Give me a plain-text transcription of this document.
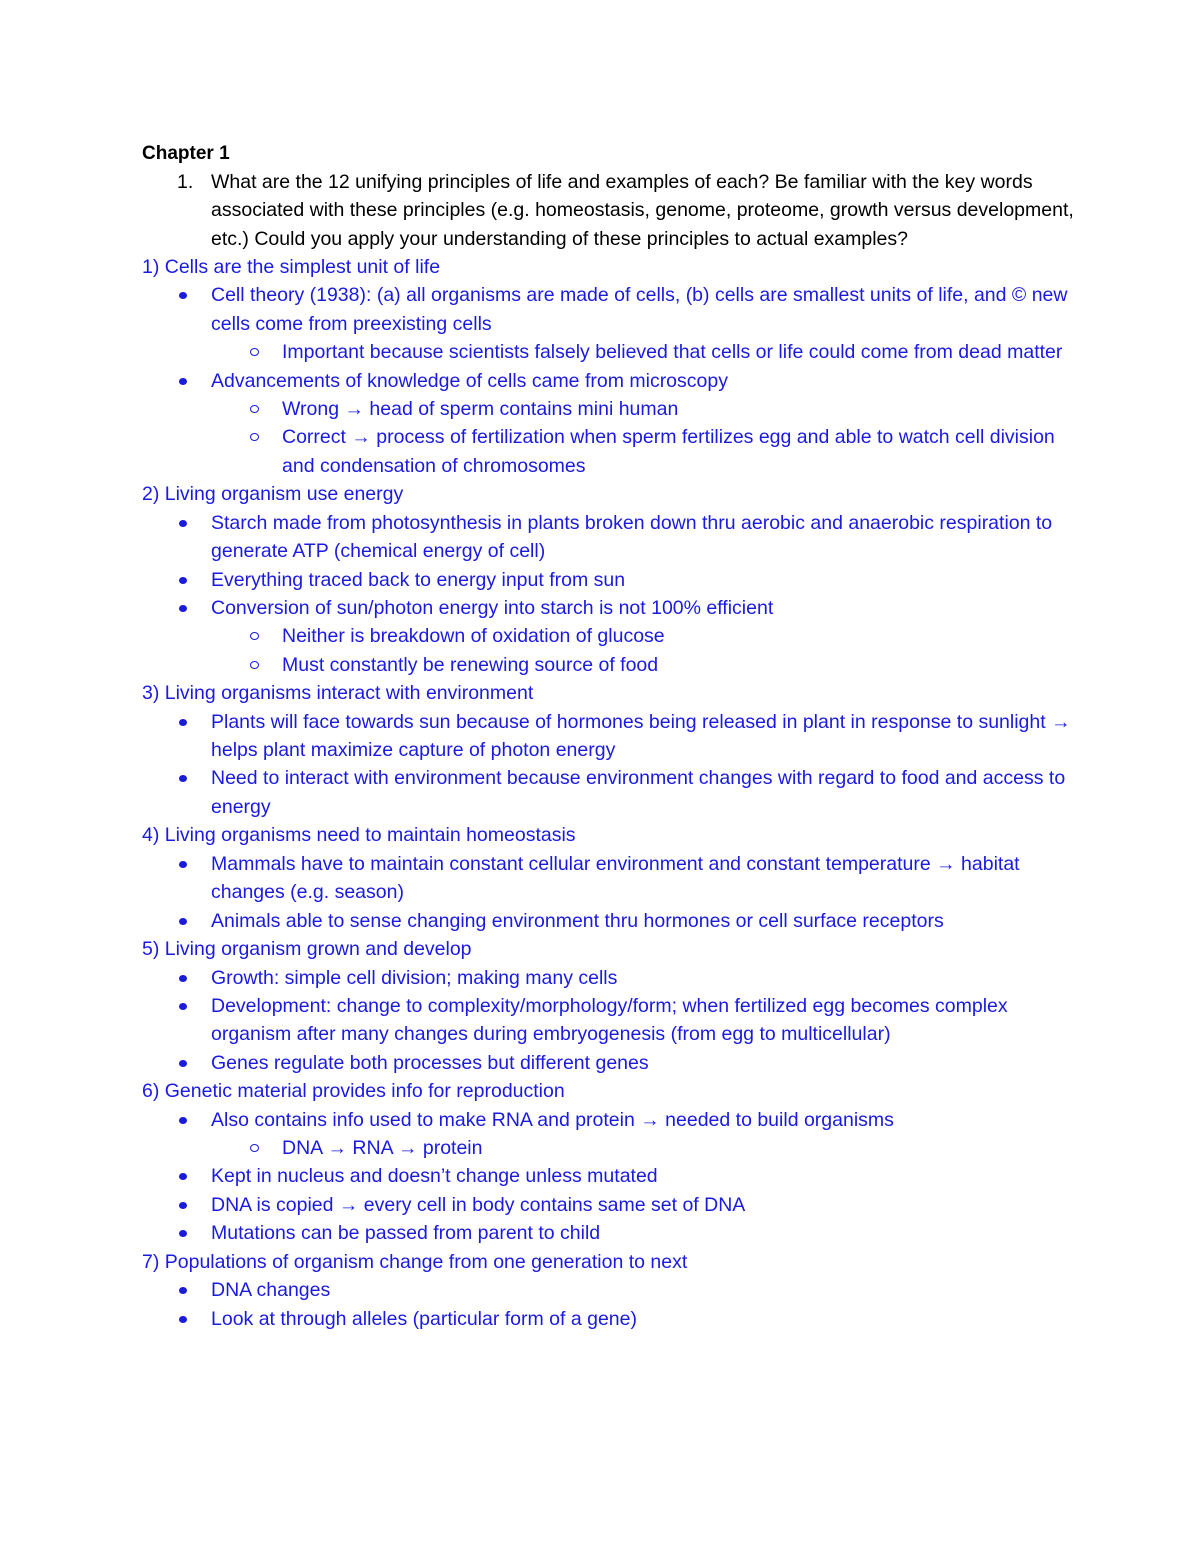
Chapter 1
1. What are the 12 unifying principles of life and examples of each? Be familiar with the key words associated with these principles (e.g. homeostasis, genome, proteome, growth versus development, etc.) Could you apply your understanding of these principles to actual examples?
1) Cells are the simplest unit of life
Cell theory (1938): (a) all organisms are made of cells, (b) cells are smallest units of life, and © new cells come from preexisting cells
Important because scientists falsely believed that cells or life could come from dead matter
Advancements of knowledge of cells came from microscopy
Wrong → head of sperm contains mini human
Correct → process of fertilization when sperm fertilizes egg and able to watch cell division and condensation of chromosomes
2) Living organism use energy
Starch made from photosynthesis in plants broken down thru aerobic and anaerobic respiration to generate ATP (chemical energy of cell)
Everything traced back to energy input from sun
Conversion of sun/photon energy into starch is not 100% efficient
Neither is breakdown of oxidation of glucose
Must constantly be renewing source of food
3) Living organisms interact with environment
Plants will face towards sun because of hormones being released in plant in response to sunlight → helps plant maximize capture of photon energy
Need to interact with environment because environment changes with regard to food and access to energy
4) Living organisms need to maintain homeostasis
Mammals have to maintain constant cellular environment and constant temperature → habitat changes (e.g. season)
Animals able to sense changing environment thru hormones or cell surface receptors
5) Living organism grown and develop
Growth: simple cell division; making many cells
Development: change to complexity/morphology/form; when fertilized egg becomes complex organism after many changes during embryogenesis (from egg to multicellular)
Genes regulate both processes but different genes
6) Genetic material provides info for reproduction
Also contains info used to make RNA and protein → needed to build organisms
DNA → RNA → protein
Kept in nucleus and doesn’t change unless mutated
DNA is copied → every cell in body contains same set of DNA
Mutations can be passed from parent to child
7) Populations of organism change from one generation to next
DNA changes
Look at through alleles (particular form of a gene)
